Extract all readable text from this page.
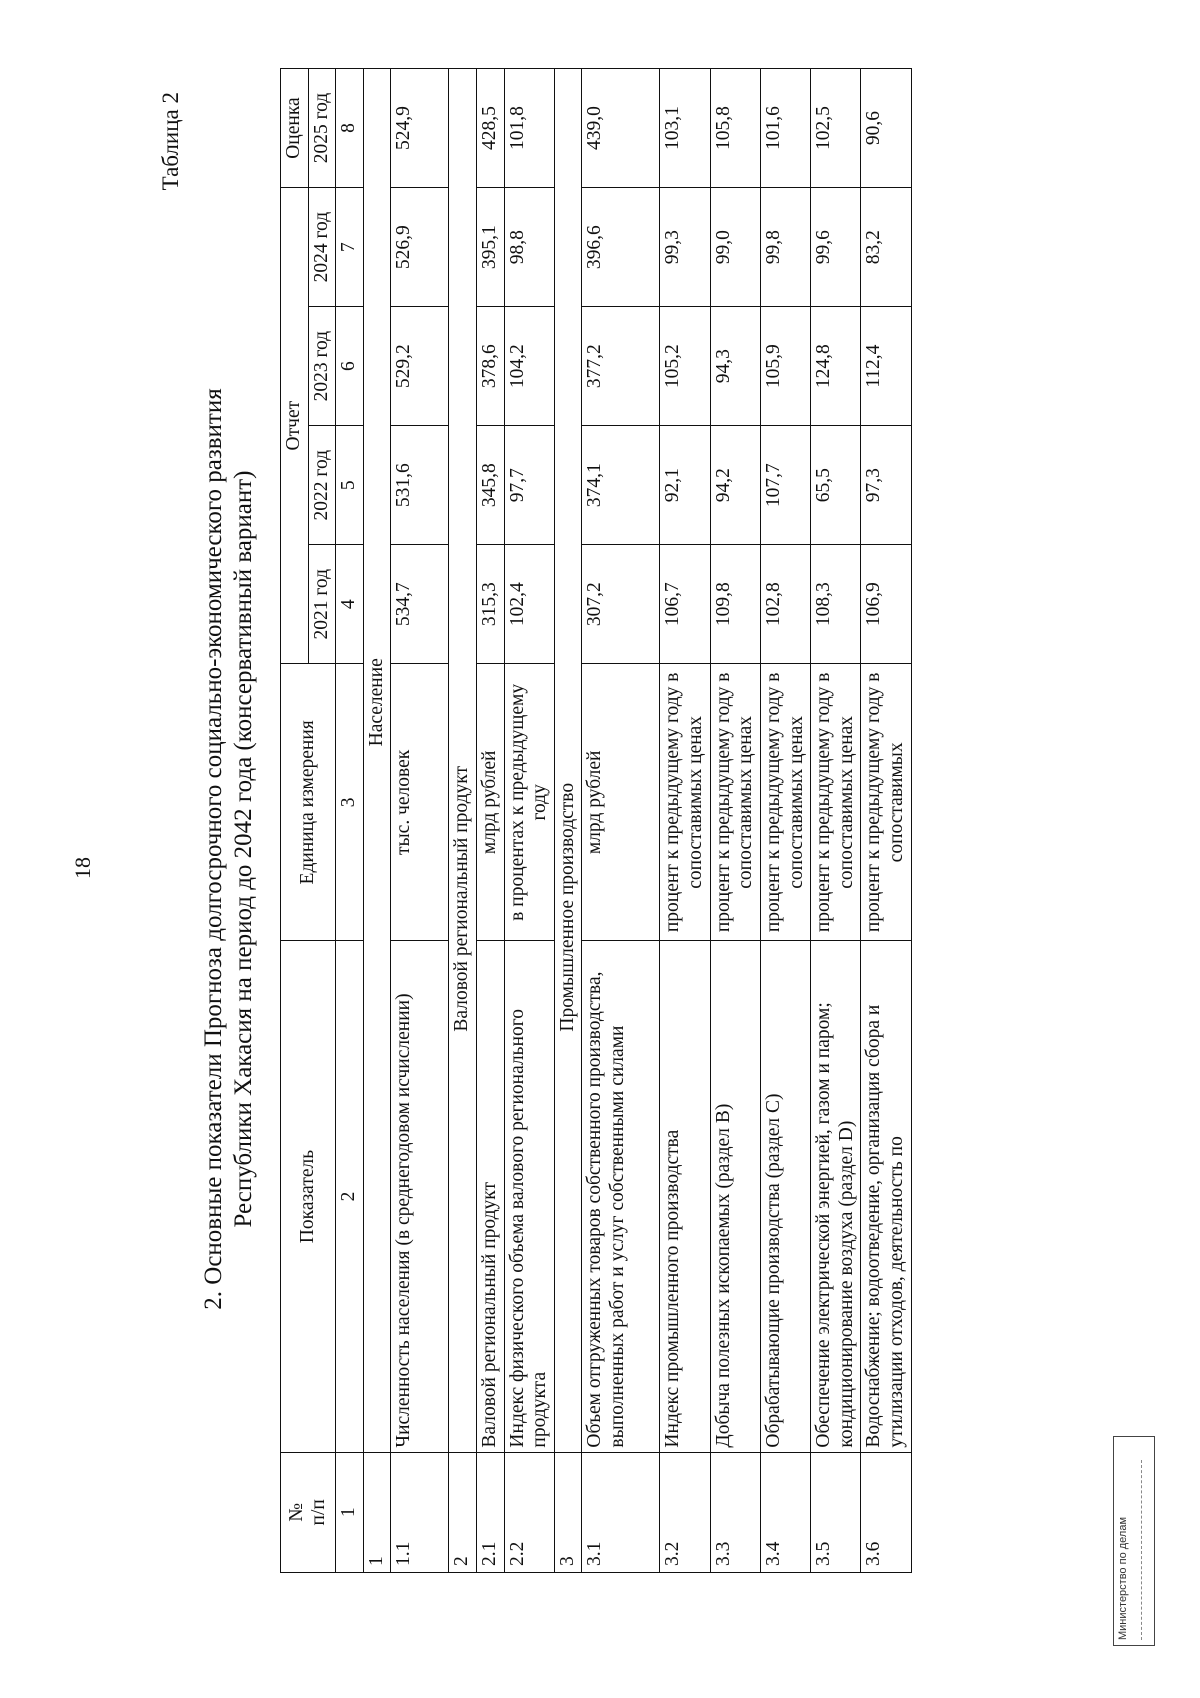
18
Таблица 2
2. Основные показатели Прогноза долгосрочного социально-экономического развития Республики Хакасия на период до 2042 года (консервативный вариант)
№ п/п	Показатель	Единица измерения	Отчет				Оценка
			2021 год	2022 год	2023 год	2024 год	2025 год
1	2	3	4	5	6	7	8
1	Население						
1.1	Численность населения (в среднегодовом исчислении)	тыс. человек	534,7	531,6	529,2	526,9	524,9
2	Валовой региональный продукт						
2.1	Валовой региональный продукт	млрд рублей	315,3	345,8	378,6	395,1	428,5
2.2	Индекс физического объема валового регионального продукта	в процентах к предыдущему году	102,4	97,7	104,2	98,8	101,8
3	Промышленное производство						
3.1	Объем отгруженных товаров собственного производства, выполненных работ и услуг собственными силами	млрд рублей	307,2	374,1	377,2	396,6	439,0
3.2	Индекс промышленного производства	процент к предыдущему году в сопоставимых ценах	106,7	92,1	105,2	99,3	103,1
3.3	Добыча полезных ископаемых (раздел B)	процент к предыдущему году в сопоставимых ценах	109,8	94,2	94,3	99,0	105,8
3.4	Обрабатывающие производства (раздел C)	процент к предыдущему году в сопоставимых ценах	102,8	107,7	105,9	99,8	101,6
3.5	Обеспечение электрической энергией, газом и паром; кондиционирование воздуха (раздел D)	процент к предыдущему году в сопоставимых ценах	108,3	65,5	124,8	99,6	102,5
3.6	Водоснабжение; водоотведение, организация сбора и утилизации отходов, деятельность по	процент к предыдущему году в сопоставимых	106,9	97,3	112,4	83,2	90,6
Министерство по делам
